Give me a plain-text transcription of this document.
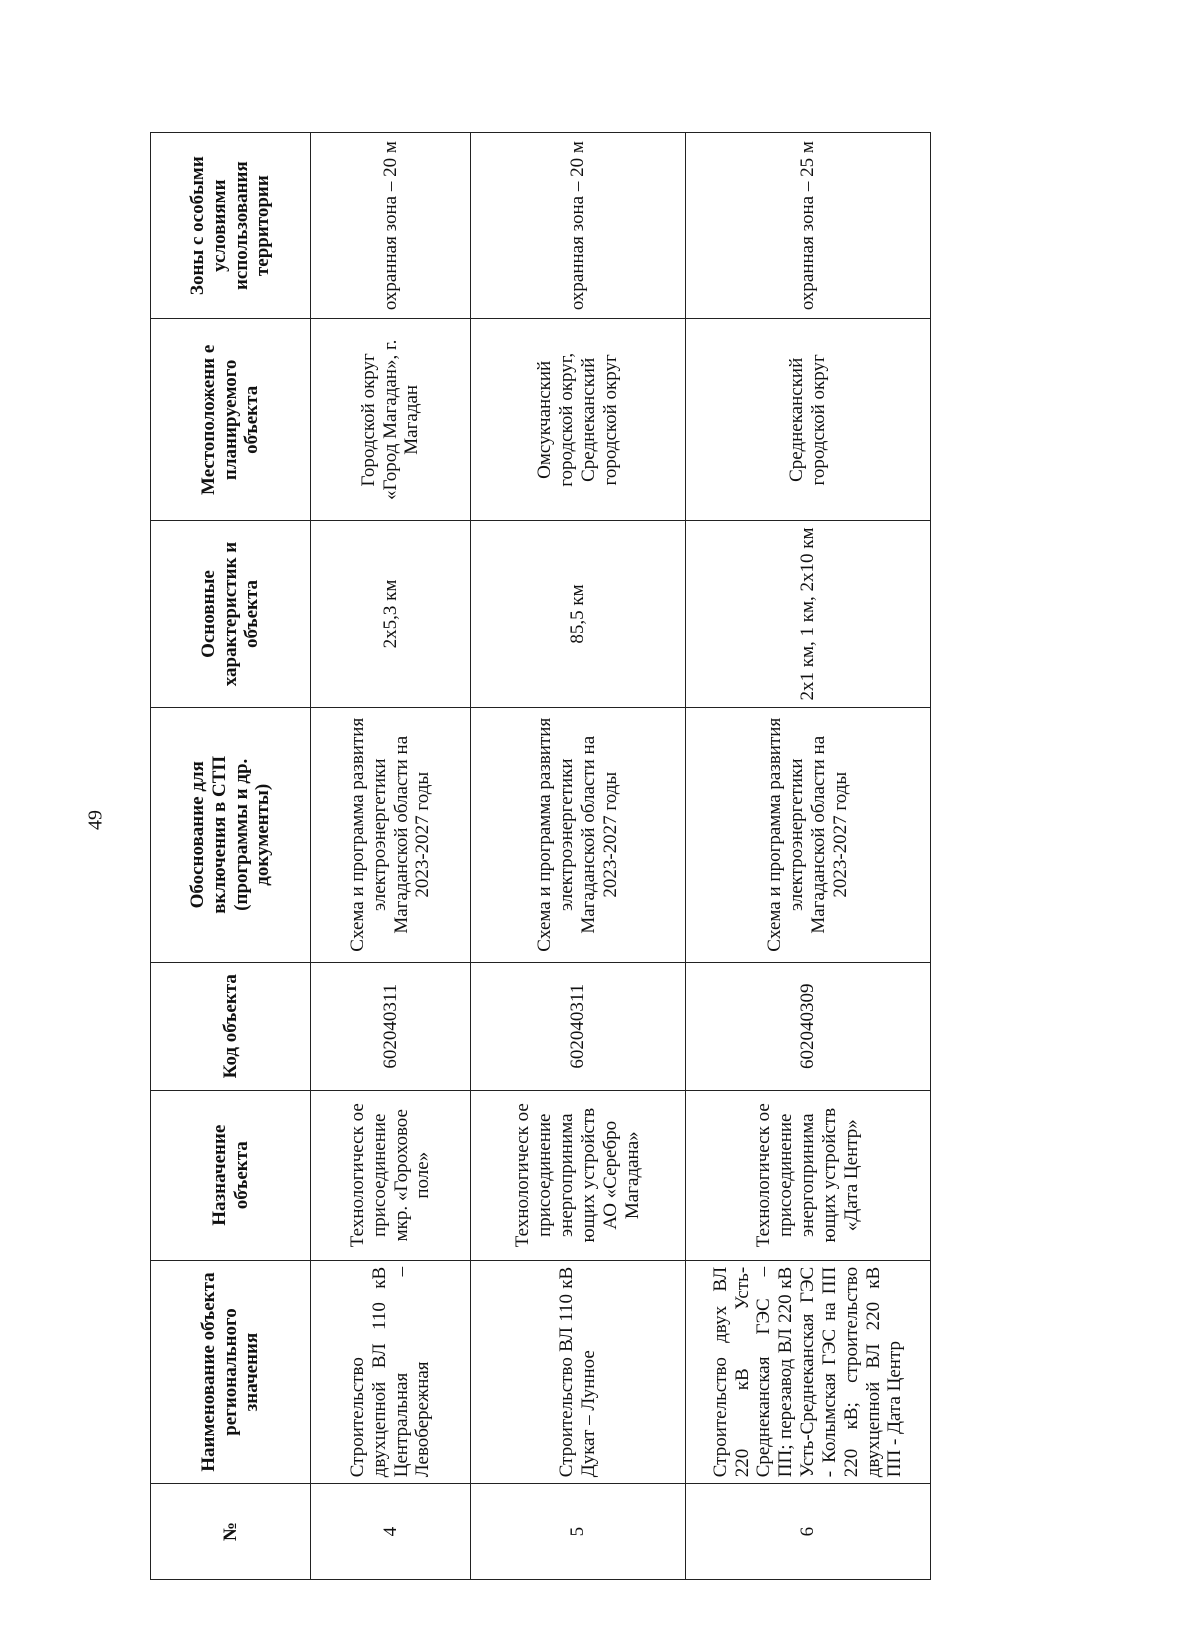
49
№	Наименование объекта регионального значения	Назначение объекта	Код объекта	Обоснование для включения в СТП (программы и др. документы)	Основные характеристик и объекта	Местоположени е планируемого объекта	Зоны с особыми условиями использования территории
4	Строительство двухцепной ВЛ 110 кВ Центральная – Левобережная	Технологическ ое присоединение мкр. «Гороховое поле»	602040311	Схема и программа развития электроэнергетики Магаданской области на 2023-2027 годы	2х5,3 км	Городской округ «Город Магадан», г. Магадан	охранная зона – 20 м
5	Строительство ВЛ 110 кВ Дукат – Лунное	Технологическ ое присоединение энергопринима ющих устройств АО «Серебро Магадана»	602040311	Схема и программа развития электроэнергетики Магаданской области на 2023-2027 годы	85,5 км	Омсукчанский городской округ, Среднеканский городской округ	охранная зона – 20 м
6	Строительство двух ВЛ 220 кВ Усть-Среднеканская ГЭС – ПП; перезавод ВЛ 220 кВ Усть-Среднеканская ГЭС - Колымская ГЭС на ПП 220 кВ; строительство двухцепной ВЛ 220 кВ ПП - Дата Центр	Технологическ ое присоединение энергопринима ющих устройств «Дата Центр»	602040309	Схема и программа развития электроэнергетики Магаданской области на 2023-2027 годы	2х1 км, 1 км, 2х10 км	Среднеканский городской округ	охранная зона – 25 м
